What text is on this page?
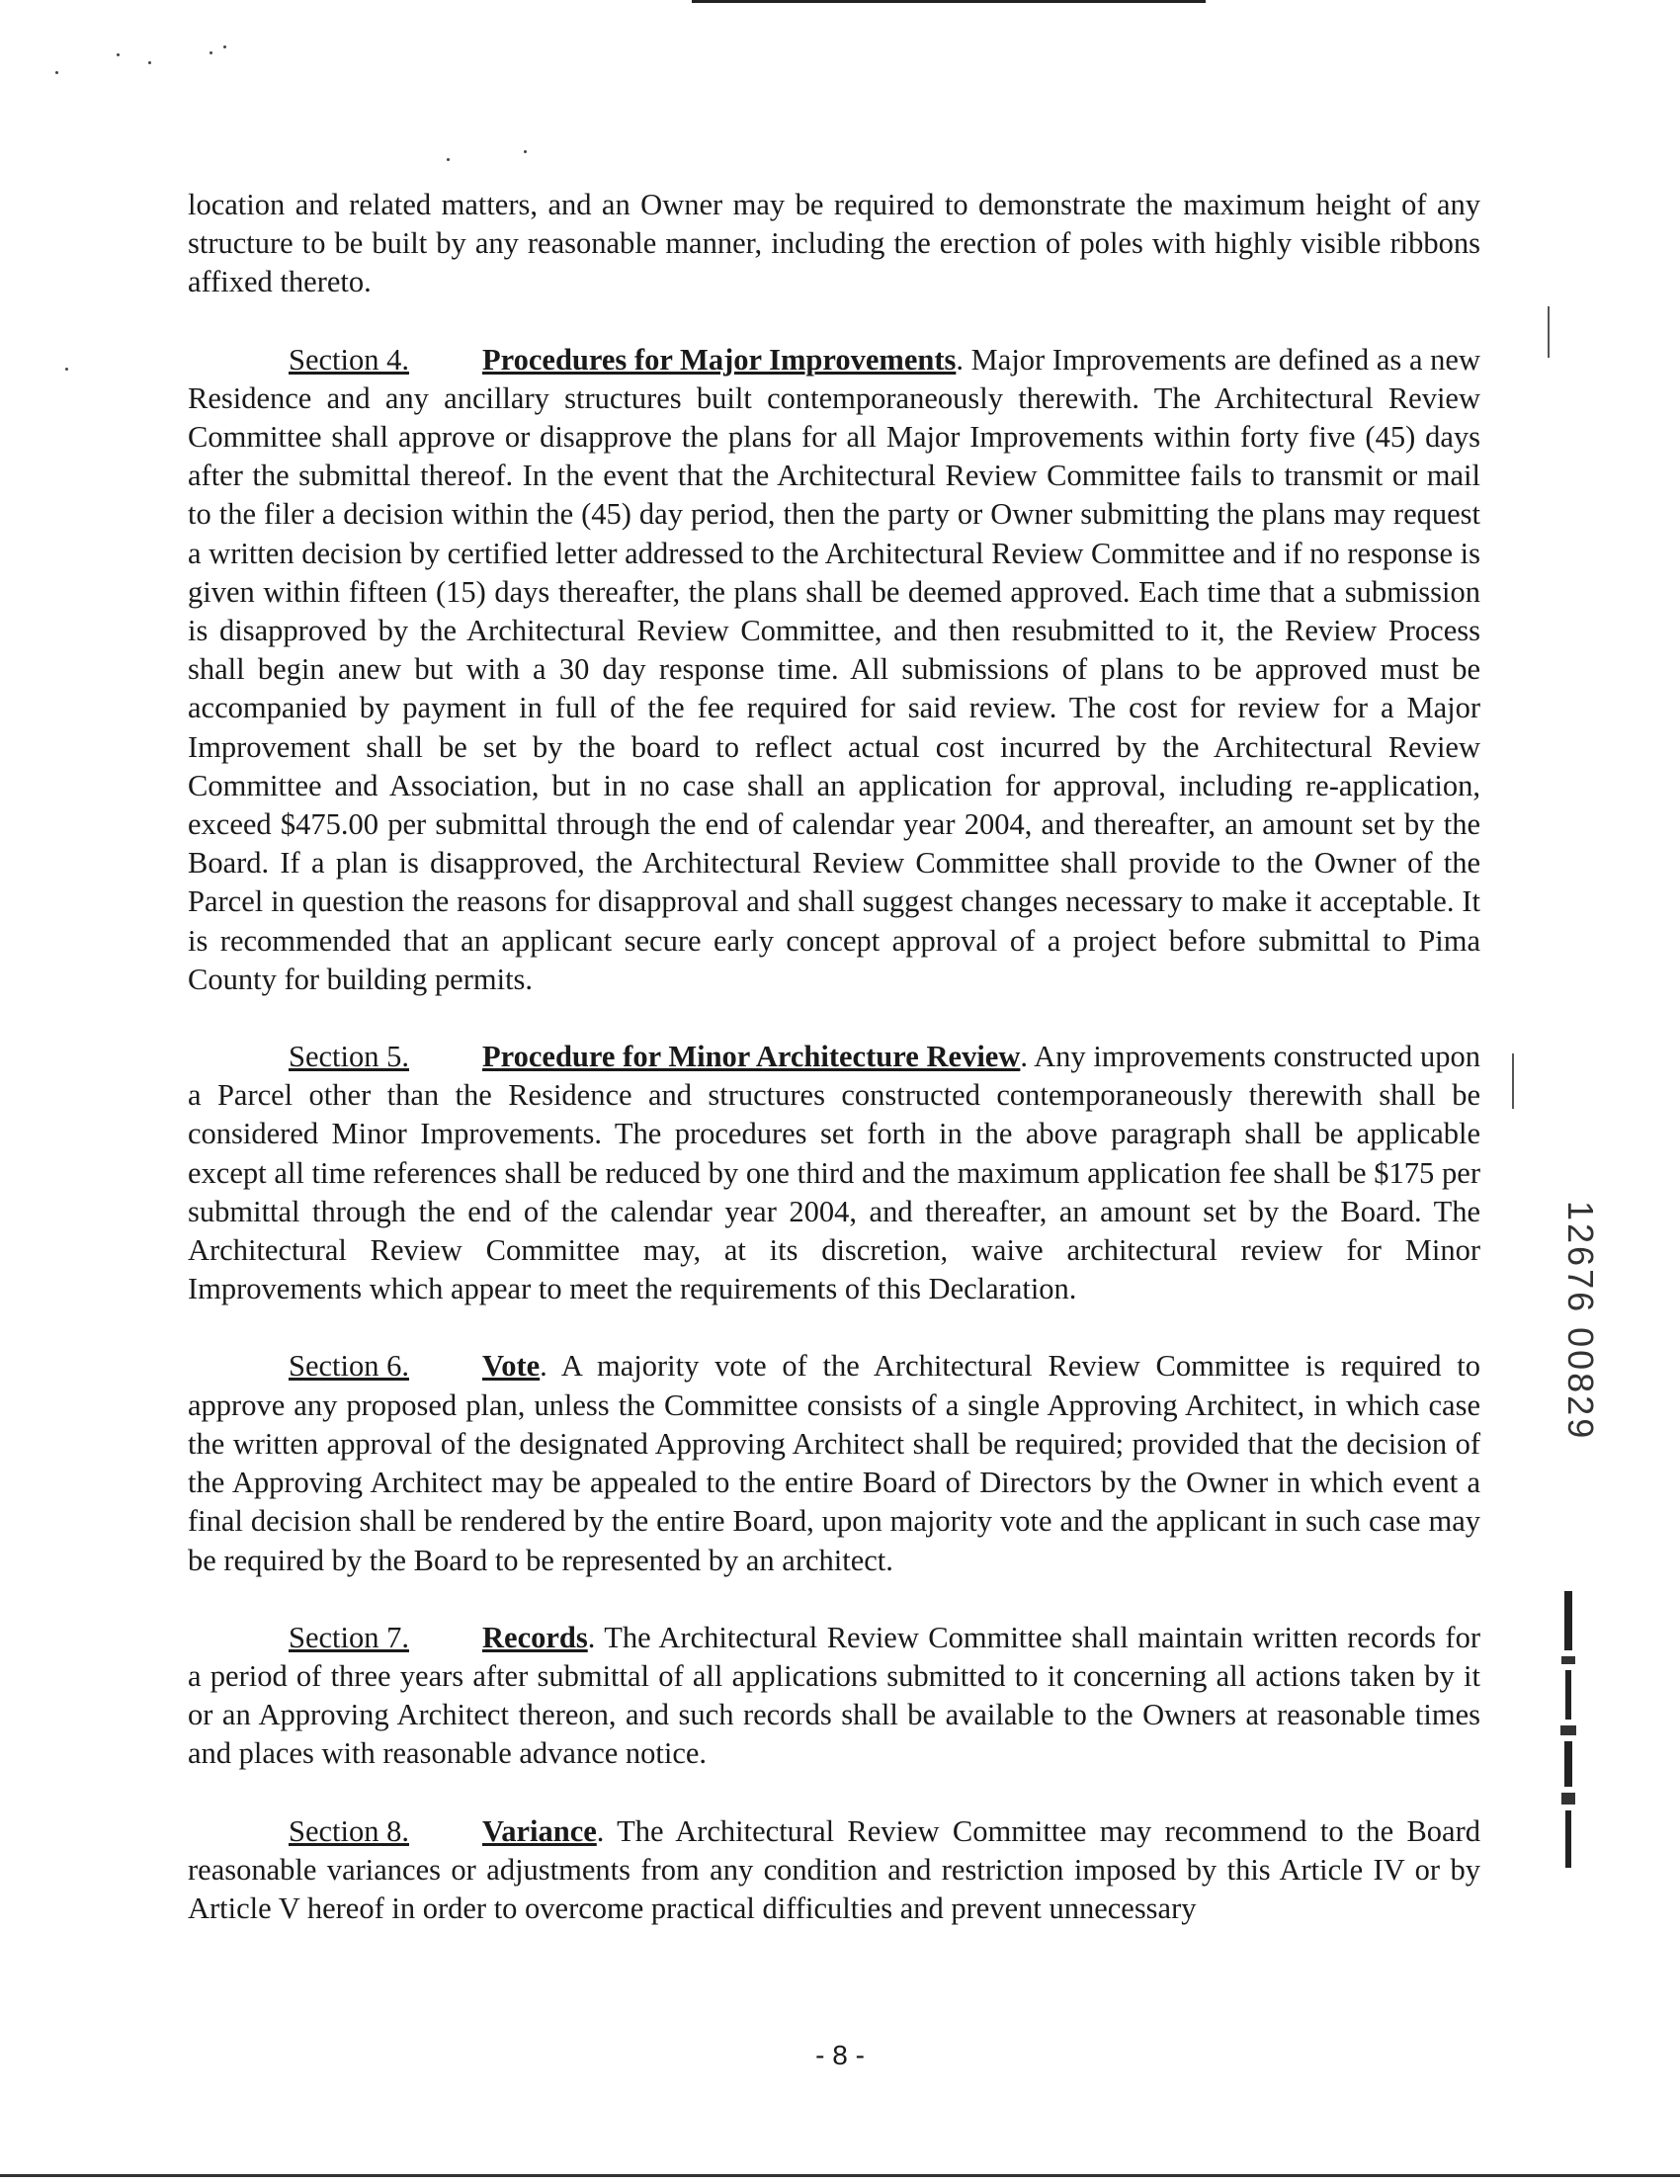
location and related matters, and an Owner may be required to demonstrate the maximum height of any structure to be built by any reasonable manner, including the erection of poles with highly visible ribbons affixed thereto.

Section 4. Procedures for Major Improvements. Major Improvements are defined as a new Residence and any ancillary structures built contemporaneously therewith. The Architectural Review Committee shall approve or disapprove the plans for all Major Improvements within forty five (45) days after the submittal thereof. In the event that the Architectural Review Committee fails to transmit or mail to the filer a decision within the (45) day period, then the party or Owner submitting the plans may request a written decision by certified letter addressed to the Architectural Review Committee and if no response is given within fifteen (15) days thereafter, the plans shall be deemed approved. Each time that a submission is disapproved by the Architectural Review Committee, and then resubmitted to it, the Review Process shall begin anew but with a 30 day response time. All submissions of plans to be approved must be accompanied by payment in full of the fee required for said review. The cost for review for a Major Improvement shall be set by the board to reflect actual cost incurred by the Architectural Review Committee and Association, but in no case shall an application for approval, including re-application, exceed $475.00 per submittal through the end of calendar year 2004, and thereafter, an amount set by the Board. If a plan is disapproved, the Architectural Review Committee shall provide to the Owner of the Parcel in question the reasons for disapproval and shall suggest changes necessary to make it acceptable. It is recommended that an applicant secure early concept approval of a project before submittal to Pima County for building permits.

Section 5. Procedure for Minor Architecture Review. Any improvements constructed upon a Parcel other than the Residence and structures constructed contemporaneously therewith shall be considered Minor Improvements. The procedures set forth in the above paragraph shall be applicable except all time references shall be reduced by one third and the maximum application fee shall be $175 per submittal through the end of the calendar year 2004, and thereafter, an amount set by the Board. The Architectural Review Committee may, at its discretion, waive architectural review for Minor Improvements which appear to meet the requirements of this Declaration.

Section 6. Vote. A majority vote of the Architectural Review Committee is required to approve any proposed plan, unless the Committee consists of a single Approving Architect, in which case the written approval of the designated Approving Architect shall be required; provided that the decision of the Approving Architect may be appealed to the entire Board of Directors by the Owner in which event a final decision shall be rendered by the entire Board, upon majority vote and the applicant in such case may be required by the Board to be represented by an architect.

Section 7. Records. The Architectural Review Committee shall maintain written records for a period of three years after submittal of all applications submitted to it concerning all actions taken by it or an Approving Architect thereon, and such records shall be available to the Owners at reasonable times and places with reasonable advance notice.

Section 8. Variance. The Architectural Review Committee may recommend to the Board reasonable variances or adjustments from any condition and restriction imposed by this Article IV or by Article V hereof in order to overcome practical difficulties and prevent unnecessary

12676 00829
- 8 -
